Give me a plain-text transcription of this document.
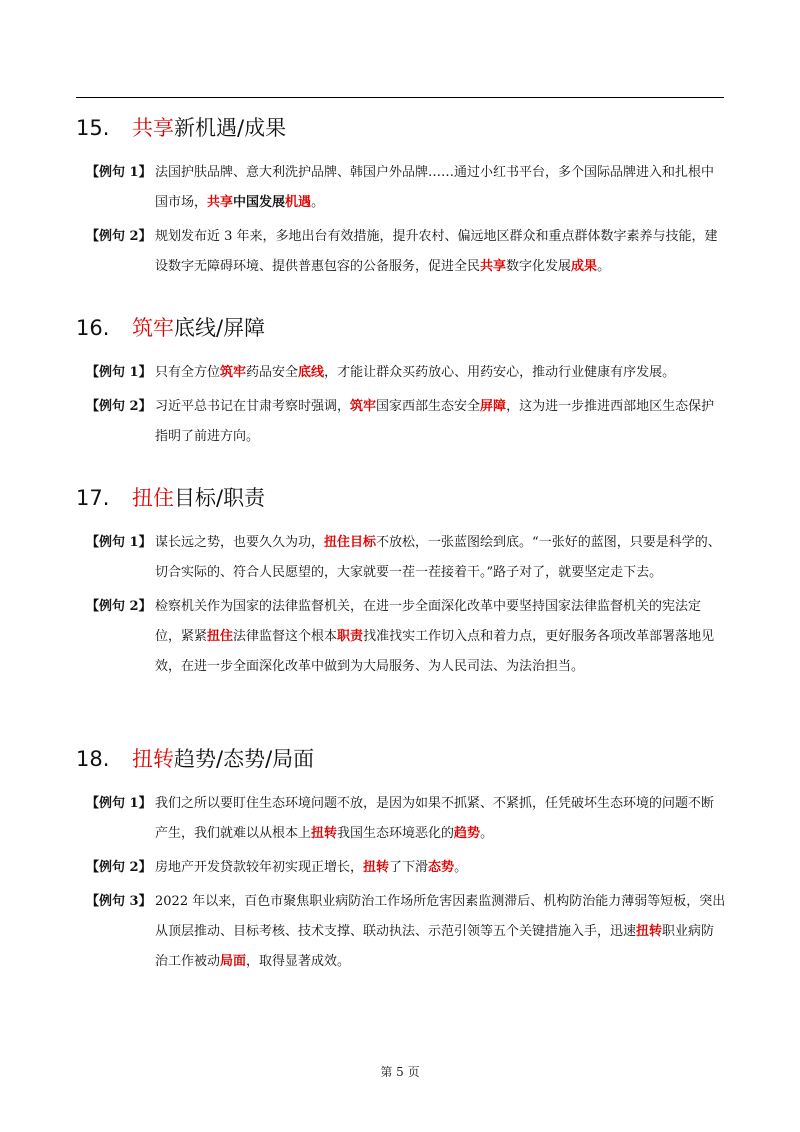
15. 共享新机遇/成果
【例句 1】 法国护肤品牌、意大利洗护品牌、韩国户外品牌……通过小红书平台，多个国际品牌进入和扎根中国市场，共享中国发展机遇。
【例句 2】 规划发布近 3 年来，多地出台有效措施，提升农村、偏远地区群众和重点群体数字素养与技能，建设数字无障碍环境、提供普惠包容的公备服务，促进全民共享数字化发展成果。
16. 筑牢底线/屏障
【例句 1】 只有全方位筑牢药品安全底线，才能让群众买药放心、用药安心，推动行业健康有序发展。
【例句 2】 习近平总书记在甘肃考察时强调，筑牢国家西部生态安全屏障，这为进一步推进西部地区生态保护指明了前进方向。
17. 扭住目标/职责
【例句 1】 谋长远之势，也要久久为功，扭住目标不放松，一张蓝图绘到底。“一张好的蓝图，只要是科学的、切合实际的、符合人民愿望的，大家就要一茬一茬接着干。”路子对了，就要坚定走下去。
【例句 2】 检察机关作为国家的法律监督机关，在进一步全面深化改革中要坚持国家法律监督机关的宪法定位，紧紧扭住法律监督这个根本职责找准找实工作切入点和着力点，更好服务各项改革部署落地见效，在进一步全面深化改革中做到为大局服务、为人民司法、为法治担当。
18. 扭转趋势/态势/局面
【例句 1】 我们之所以要盯住生态环境问题不放，是因为如果不抓紧、不紧抓，任凭破坏生态环境的问题不断产生，我们就难以从根本上扭转我国生态环境恶化的趋势。
【例句 2】 房地产开发贷款较年初实现正增长，扭转了下滑态势。
【例句 3】 2022 年以来，百色市聚焦职业病防治工作场所危害因素监测滞后、机构防治能力薄弱等短板，突出从顶层推动、目标考核、技术支撑、联动执法、示范引领等五个关键措施入手，迅速扭转职业病防治工作被动局面，取得显著成效。
第 5 页
